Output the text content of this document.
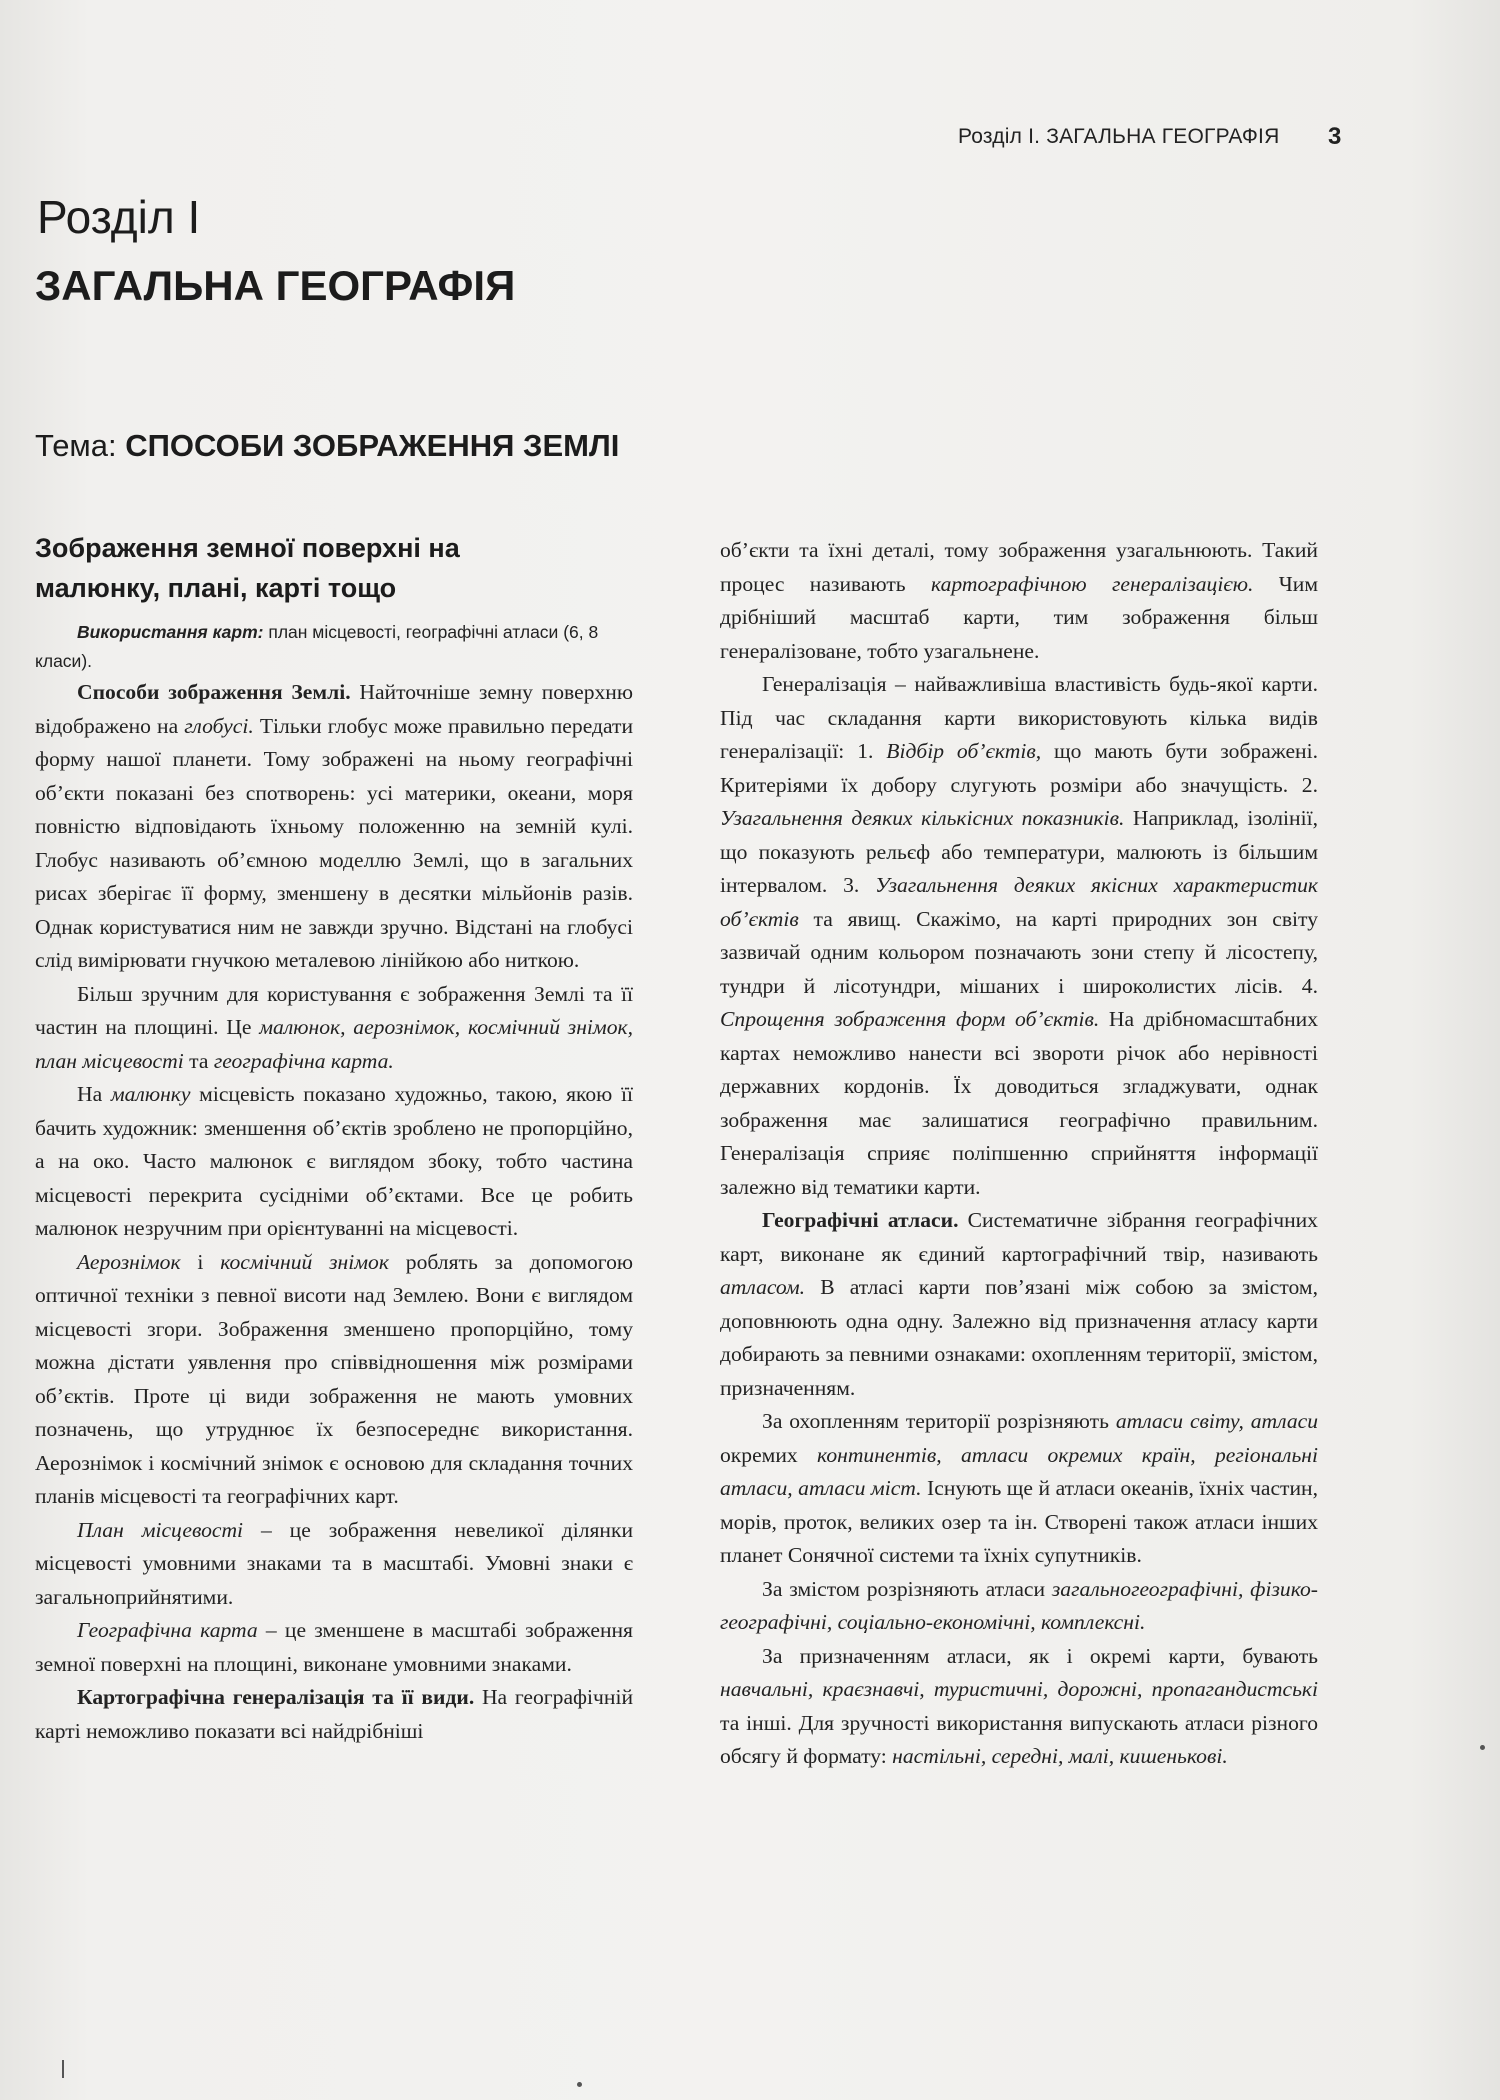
Розділ I. ЗАГАЛЬНА ГЕОГРАФІЯ 3
Розділ I
ЗАГАЛЬНА ГЕОГРАФІЯ
Тема: СПОСОБИ ЗОБРАЖЕННЯ ЗЕМЛІ
Зображення земної поверхні на
малюнку, плані, карті тощо

Використання карт: план місцевості, географічні атласи (6, 8 класи).

Способи зображення Землі. Найточніше земну поверхню відображено на глобусі. Тільки глобус може правильно передати форму нашої планети. Тому зображені на ньому географічні об’єкти показані без спотворень: усі материки, океани, моря повністю відповідають їхньому положенню на земній кулі. Глобус називають об’ємною моделлю Землі, що в загальних рисах зберігає її форму, зменшену в десятки мільйонів разів. Однак користуватися ним не завжди зручно. Відстані на глобусі слід вимірювати гнучкою металевою лінійкою або ниткою.

Більш зручним для користування є зображення Землі та її частин на площині. Це малюнок, аерознімок, космічний знімок, план місцевості та географічна карта.

На малюнку місцевість показано художньо, такою, якою її бачить художник: зменшення об’єктів зроблено не пропорційно, а на око. Часто малюнок є виглядом збоку, тобто частина місцевості перекрита сусідніми об’єктами. Все це робить малюнок незручним при орієнтуванні на місцевості.

Аерознімок і космічний знімок роблять за допомогою оптичної техніки з певної висоти над Землею. Вони є виглядом місцевості згори. Зображення зменшено пропорційно, тому можна дістати уявлення про співвідношення між розмірами об’єктів. Проте ці види зображення не мають умовних позначень, що утруднює їх безпосереднє використання. Аерознімок і космічний знімок є основою для складання точних планів місцевості та географічних карт.

План місцевості – це зображення невеликої ділянки місцевості умовними знаками та в масштабі. Умовні знаки є загальноприйнятими.

Географічна карта – це зменшене в масштабі зображення земної поверхні на площині, виконане умовними знаками.

Картографічна генералізація та її види. На географічній карті неможливо показати всі найдрібніші

об’єкти та їхні деталі, тому зображення узагальнюють. Такий процес називають картографічною генералізацією. Чим дрібніший масштаб карти, тим зображення більш генералізоване, тобто узагальнене.

Генералізація – найважливіша властивість будь-якої карти. Під час складання карти використовують кілька видів генералізації: 1. Відбір об’єктів, що мають бути зображені. Критеріями їх добору слугують розміри або значущість. 2. Узагальнення деяких кількісних показників. Наприклад, ізолінії, що показують рельєф або температури, малюють із більшим інтервалом. 3. Узагальнення деяких якісних характеристик об’єктів та явищ. Скажімо, на карті природних зон світу зазвичай одним кольором позначають зони степу й лісостепу, тундри й лісотундри, мішаних і широколистих лісів. 4. Спрощення зображення форм об’єктів. На дрібномасштабних картах неможливо нанести всі звороти річок або нерівності державних кордонів. Їх доводиться згладжувати, однак зображення має залишатися географічно правильним. Генералізація сприяє поліпшенню сприйняття інформації залежно від тематики карти.

Географічні атласи. Систематичне зібрання географічних карт, виконане як єдиний картографічний твір, називають атласом. В атласі карти пов’язані між собою за змістом, доповнюють одна одну. Залежно від призначення атласу карти добирають за певними ознаками: охопленням території, змістом, призначенням.

За охопленням території розрізняють атласи світу, атласи окремих континентів, атласи окремих країн, регіональні атласи, атласи міст. Існують ще й атласи океанів, їхніх частин, морів, проток, великих озер та ін. Створені також атласи інших планет Сонячної системи та їхніх супутників.

За змістом розрізняють атласи загальногеографічні, фізико-географічні, соціально-економічні, комплексні.

За призначенням атласи, як і окремі карти, бувають навчальні, краєзнавчі, туристичні, дорожні, пропагандистські та інші. Для зручності використання випускають атласи різного обсягу й формату: настільні, середні, малі, кишенькові.
